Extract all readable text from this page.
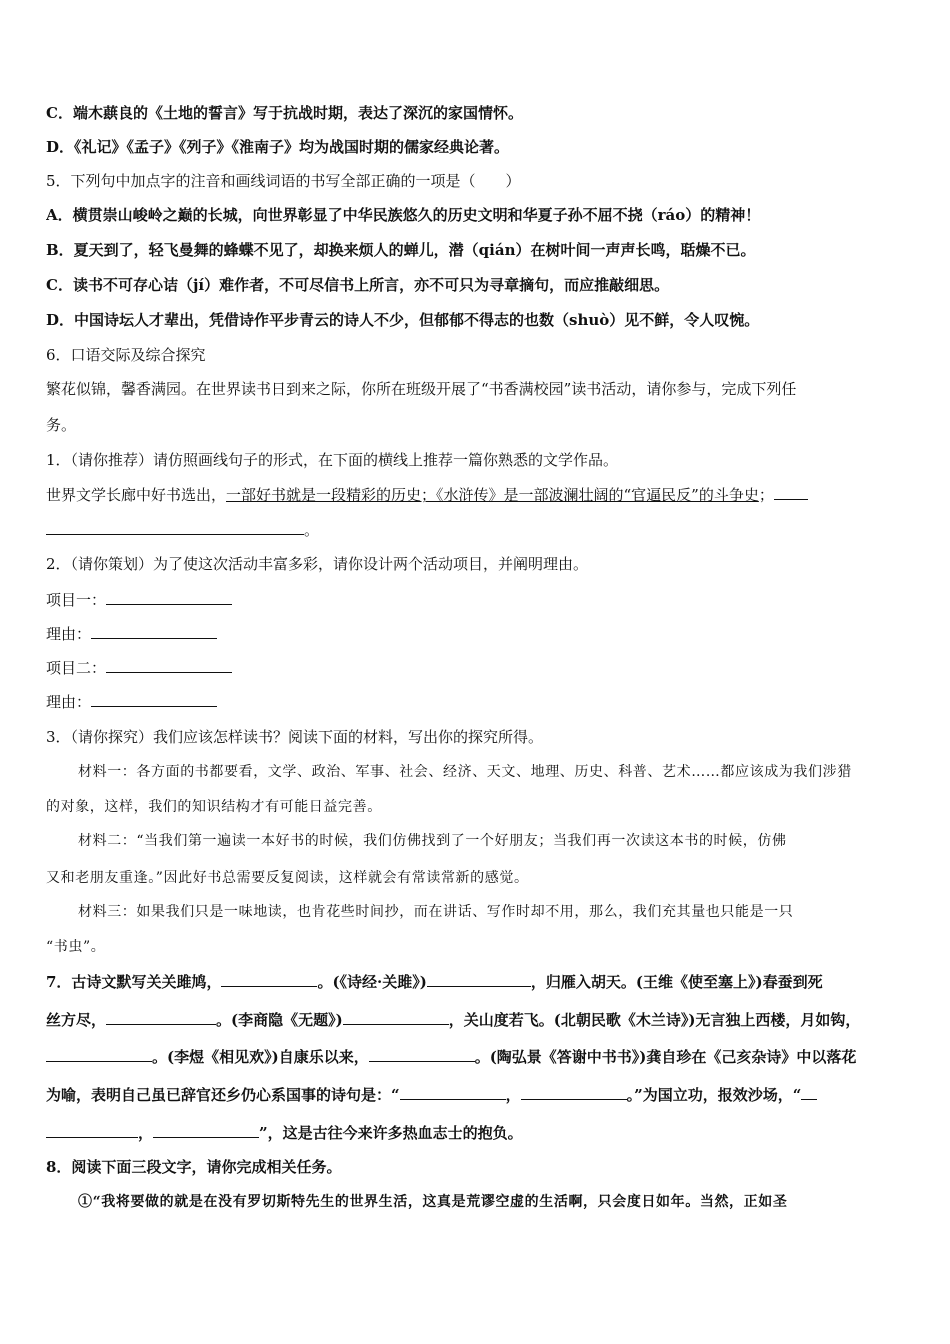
C．端木蕻良的《土地的誓言》写于抗战时期，表达了深沉的家国情怀。
D．《礼记》《孟子》《列子》《淮南子》均为战国时期的儒家经典论著。
5．下列句中加点字的注音和画线词语的书写全部正确的一项是（　　）
A．横贯崇山峻岭之巅的长城，向世界彰显了中华民族悠久的历史文明和华夏子孙不屈不挠（ráo）的精神！
B．夏天到了，轻飞曼舞的蜂蝶不见了，却换来烦人的蝉儿，潜（qián）在树叶间一声声长鸣，聒燥不已。
C．读书不可存心诘（jí）难作者，不可尽信书上所言，亦不可只为寻章摘句，而应推敲细思。
D．中国诗坛人才辈出，凭借诗作平步青云的诗人不少，但郁郁不得志的也数（shuò）见不鲜，令人叹惋。
6．口语交际及综合探究
繁花似锦，馨香满园。在世界读书日到来之际，你所在班级开展了“书香满校园”读书活动，请你参与，完成下列任
务。
1．（请你推荐）请仿照画线句子的形式，在下面的横线上推荐一篇你熟悉的文学作品。
世界文学长廊中好书选出，一部好书就是一段精彩的历史；《水浒传》是一部波澜壮阔的“官逼民反”的斗争史；
。
2．（请你策划）为了使这次活动丰富多彩，请你设计两个活动项目，并阐明理由。
项目一：
理由：
项目二：
理由：
3．（请你探究）我们应该怎样读书？阅读下面的材料，写出你的探究所得。
材料一：各方面的书都要看，文学、政治、军事、社会、经济、天文、地理、历史、科普、艺术……都应该成为我们涉猎
的对象，这样，我们的知识结构才有可能日益完善。
材料二：“当我们第一遍读一本好书的时候，我们仿佛找到了一个好朋友；当我们再一次读这本书的时候，仿佛
又和老朋友重逢。”因此好书总需要反复阅读，这样就会有常读常新的感觉。
材料三：如果我们只是一味地读，也肯花些时间抄，而在讲话、写作时却不用，那么，我们充其量也只能是一只
“书虫”。
7．古诗文默写关关雎鸠，	。(《诗经·关雎》)	，归雁入胡天。(王维《使至塞上》)春蚕到死
丝方尽，	。(李商隐《无题》)	，关山度若飞。(北朝民歌《木兰诗》)无言独上西楼，月如钩，
。(李煜《相见欢》)自康乐以来，	。(陶弘景《答谢中书书》)龚自珍在《己亥杂诗》中以落花
为喻，表明自己虽已辞官还乡仍心系国事的诗句是：“	，	。”为国立功，报效沙场，“
，	”，这是古往今来许多热血志士的抱负。
8．阅读下面三段文字，请你完成相关任务。
①“我将要做的就是在没有罗切斯特先生的世界生活，这真是荒谬空虚的生活啊，只会度日如年。当然，正如圣
